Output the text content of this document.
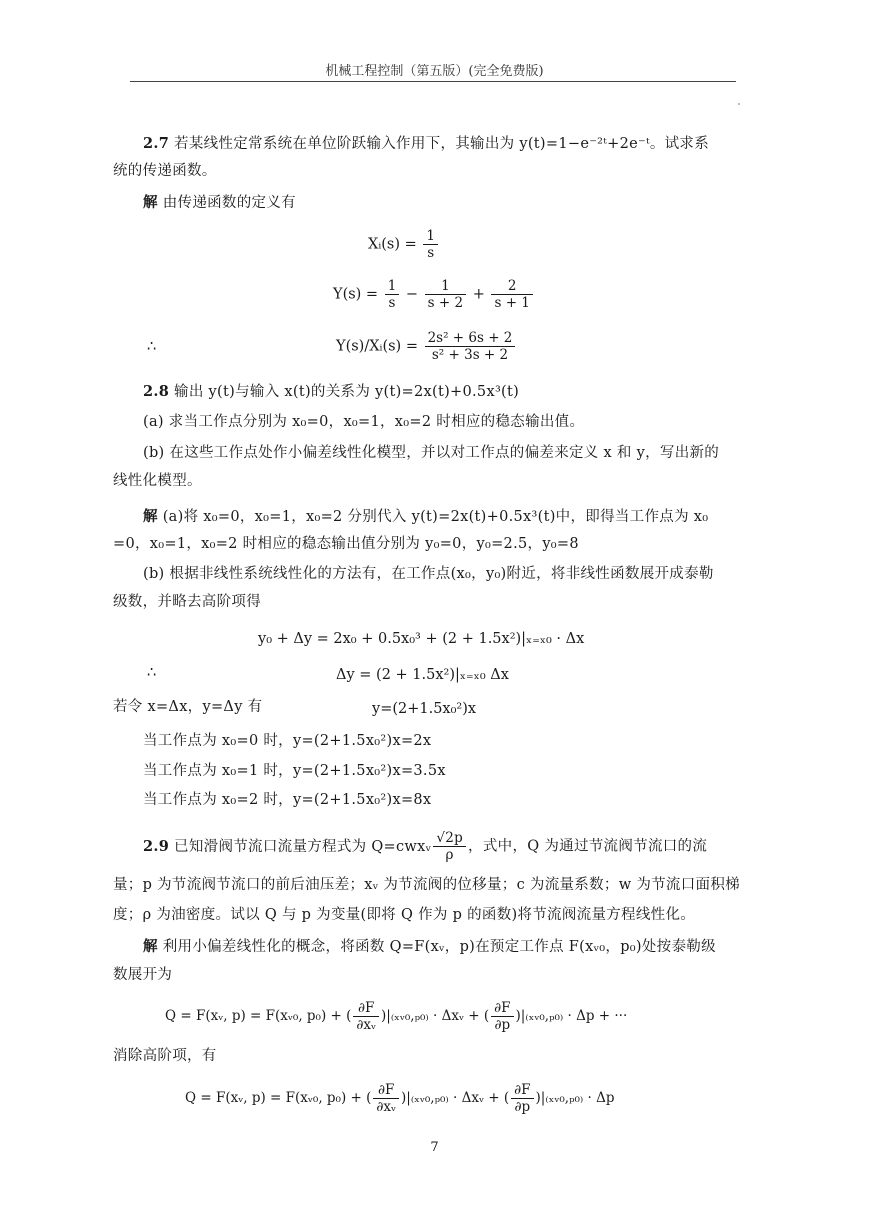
机械工程控制（第五版）(完全免费版)
2.7 若某线性定常系统在单位阶跃输入作用下，其输出为 y(t)=1−e⁻²ᵗ+2e⁻ᵗ。试求系
统的传递函数。
解 由传递函数的定义有
Xᵢ(s) = $\frac{1}{s}$
$Y(s) = \frac{1}{s} - \frac{1}{s + 2} + \frac{2}{s + 1}$
∴	Y(s)/Xᵢ(s) = $\frac{\text{2s² + 6s + 2}}{\text{s² + 3s + 2}}$
2.8 输出 y(t)与输入 x(t)的关系为 y(t)=2x(t)+0.5x³(t)
(a) 求当工作点分别为 x₀=0，x₀=1，x₀=2 时相应的稳态输出值。
(b) 在这些工作点处作小偏差线性化模型，并以对工作点的偏差来定义 x 和 y，写出新的
线性化模型。
解 (a)将 x₀=0，x₀=1，x₀=2 分别代入 y(t)=2x(t)+0.5x³(t)中，即得当工作点为 x₀
=0，x₀=1，x₀=2 时相应的稳态输出值分别为 y₀=0，y₀=2.5，y₀=8
(b) 根据非线性系统线性化的方法有，在工作点(x₀，y₀)附近，将非线性函数展开成泰勒
级数，并略去高阶项得
y₀ + Δy = 2x₀ + 0.5x₀³ + (2 + 1.5x²)|ₓ₌ₓ₀ · Δx
∴	Δy = (2 + 1.5x²)|ₓ₌ₓ₀ Δx
若令 x=Δx，y=Δy 有	y=(2+1.5x₀²)x
当工作点为 x₀=0 时，y=(2+1.5x₀²)x=2x
当工作点为 x₀=1 时，y=(2+1.5x₀²)x=3.5x
当工作点为 x₀=2 时，y=(2+1.5x₀²)x=8x
2.9 已知滑阀节流口流量方程式为 Q=cwxᵥ $\frac{√2p}{\rho}$ ，式中，Q 为通过节流阀节流口的流
量；p 为节流阀节流口的前后油压差；xᵥ 为节流阀的位移量；c 为流量系数；w 为节流口面积梯
度；ρ 为油密度。试以 Q 与 p 为变量(即将 Q 作为 p 的函数)将节流阀流量方程线性化。
解 利用小偏差线性化的概念，将函数 Q=F(xᵥ，p)在预定工作点 F(xᵥ₀，p₀)处按泰勒级
数展开为
Q = F(xᵥ, p) = F(xᵥ₀, p₀) + ( $\frac{\partial F}{\text{∂xᵥ}}$ )|₍ₓᵥ₀,ₚ₀₎ · Δxᵥ + ( $\frac{\partial F}{\partial p}$ )|₍ₓᵥ₀,ₚ₀₎ · Δp + ···
消除高阶项，有
Q = F(xᵥ, p) = F(xᵥ₀, p₀) + ( $\frac{\partial F}{\text{∂xᵥ}}$ )|₍ₓᵥ₀,ₚ₀₎ · Δxᵥ + ( $\frac{\partial F}{\partial p}$ )|₍ₓᵥ₀,ₚ₀₎ · Δp
7
